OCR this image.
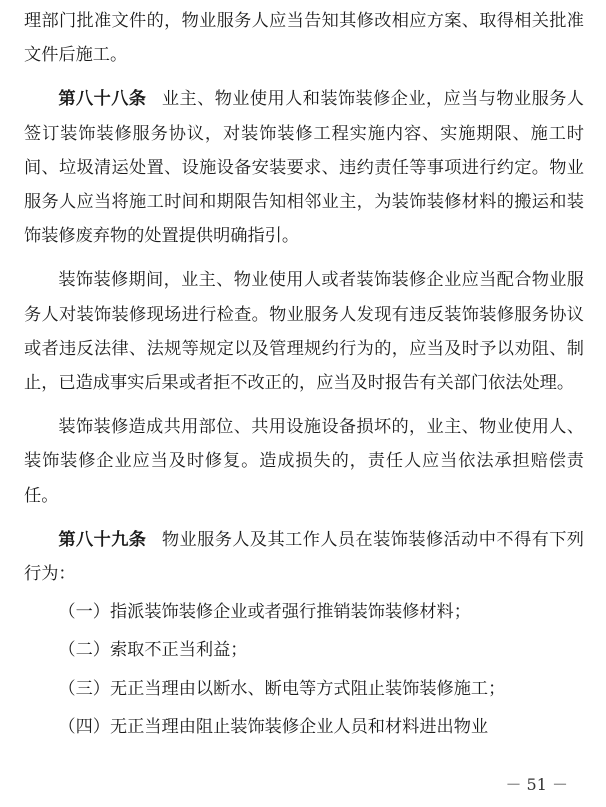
理部门批准文件的，物业服务人应当告知其修改相应方案、取得相关批准文件后施工。

第八十八条 业主、物业使用人和装饰装修企业，应当与物业服务人签订装饰装修服务协议，对装饰装修工程实施内容、实施期限、施工时间、垃圾清运处置、设施设备安装要求、违约责任等事项进行约定。物业服务人应当将施工时间和期限告知相邻业主，为装饰装修材料的搬运和装饰装修废弃物的处置提供明确指引。

装饰装修期间，业主、物业使用人或者装饰装修企业应当配合物业服务人对装饰装修现场进行检查。物业服务人发现有违反装饰装修服务协议或者违反法律、法规等规定以及管理规约行为的，应当及时予以劝阻、制止，已造成事实后果或者拒不改正的，应当及时报告有关部门依法处理。

装饰装修造成共用部位、共用设施设备损坏的，业主、物业使用人、装饰装修企业应当及时修复。造成损失的，责任人应当依法承担赔偿责任。

第八十九条 物业服务人及其工作人员在装饰装修活动中不得有下列行为：

（一）指派装饰装修企业或者强行推销装饰装修材料；

（二）索取不正当利益；

（三）无正当理由以断水、断电等方式阻止装饰装修施工；

（四）无正当理由阻止装饰装修企业人员和材料进出物业

－ 51 －
